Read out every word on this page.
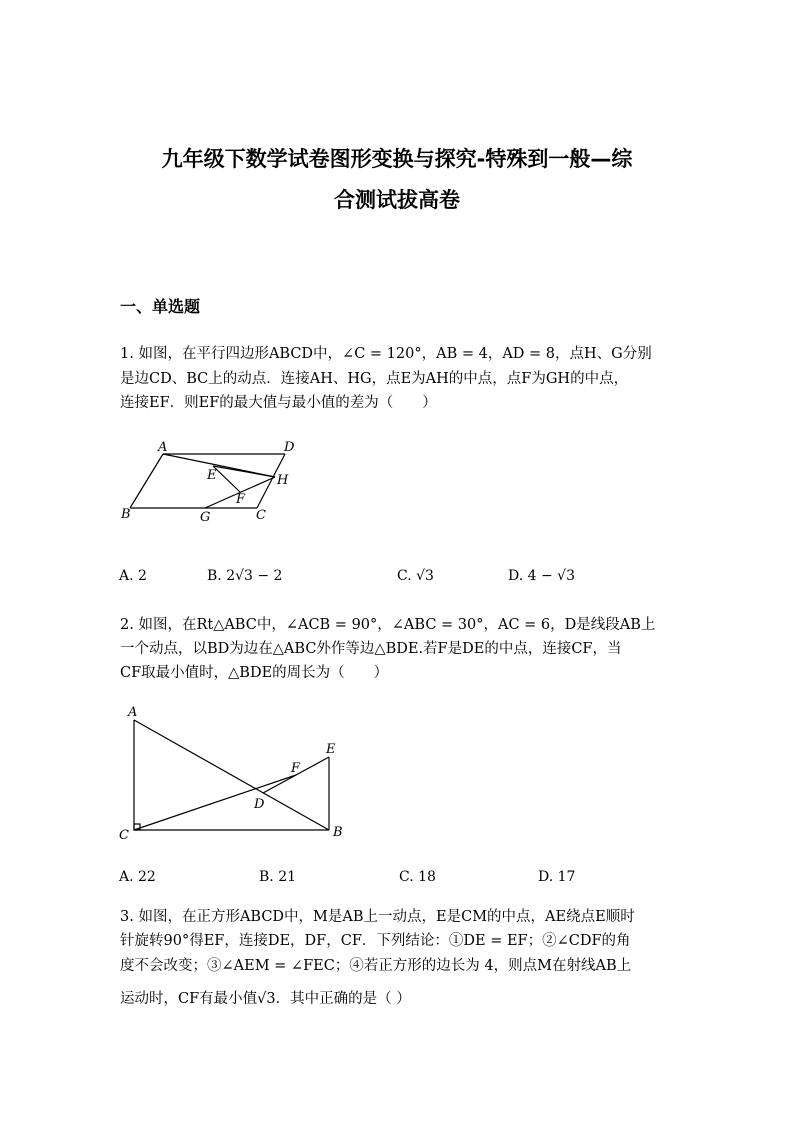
九年级下数学试卷图形变换与探究-特殊到一般—综
合测试拔高卷
一、单选题
1. 如图，在平行四边形ABCD中，∠C = 120°，AB = 4，AD = 8，点H、G分别
是边CD、BC上的动点．连接AH、HG，点E为AH的中点，点F为GH的中点，
连接EF．则EF的最大值与最小值的差为（　　）
A	D
E	H
F
B	G	C
A. 2	B. 2√3 − 2	C. √3	D. 4 − √3
2. 如图，在Rt△ABC中，∠ACB = 90°，∠ABC = 30°，AC = 6，D是线段AB上
一个动点，以BD为边在△ABC外作等边△BDE.若F是DE的中点，连接CF，当
CF取最小值时，△BDE的周长为（　　）
A
E
F
D
C	B
A. 22	B. 21	C. 18	D. 17
3. 如图，在正方形ABCD中，M是AB上一动点，E是CM的中点，AE绕点E顺时
针旋转90°得EF，连接DE，DF，CF．下列结论：①DE = EF；②∠CDF的角
度不会改变；③∠AEM = ∠FEC；④若正方形的边长为 4，则点M在射线AB上
运动时，CF有最小值√3．其中正确的是（ ）
